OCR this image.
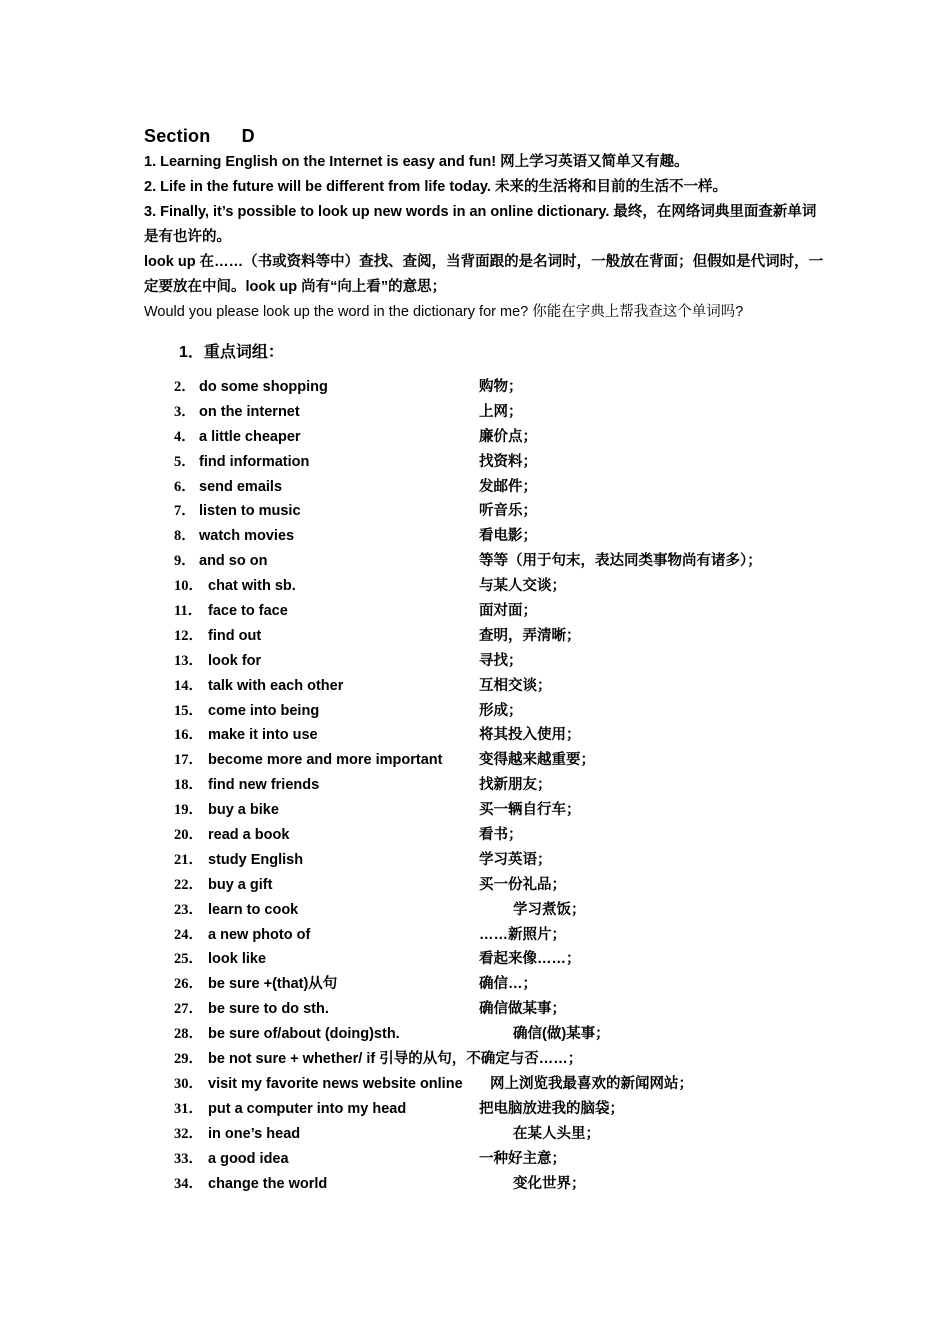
Section      D

1. Learning English on the Internet is easy and fun! 网上学习英语又简单又有趣。

2. Life in the future will be different from life today. 未来的生活将和目前的生活不一样。

3. Finally, it’s possible to look up new words in an online dictionary. 最终，在网络词典里面查新单词是有也许的。

look up 在……（书或资料等中）查找、查阅，当背面跟的是名词时，一般放在背面；但假如是代词时，一定要放在中间。look up 尚有“向上看”的意思；

Would you please look up the word in the dictionary for me? 你能在字典上帮我查这个单词吗?

1．重点词组：
2． do some shopping	购物；
3． on the internet	上网；
4． a little cheaper	廉价点；
5． find information	找资料；
6． send emails	发邮件；
7． listen to music	听音乐；
8． watch movies	看电影；
9． and so on	等等（用于句末，表达同类事物尚有诸多）；
10． chat with sb.	与某人交谈；
11． face to face	面对面；
12． find out	查明，弄清晰；
13． look for	寻找；
14． talk with each other	互相交谈；
15． come into being	形成；
16． make it into use	将其投入使用；
17． become more and more important	变得越来越重要；
18． find new friends	找新朋友；
19． buy a bike	买一辆自行车；
20． read a book	看书；
21． study English	学习英语；
22． buy a gift	买一份礼品；
23． learn to cook	学习煮饭；
24． a new photo of	……新照片；
25． look like	看起来像……；
26． be sure +(that)从句	确信…；
27． be sure to do sth.	确信做某事；
28． be sure of/about (doing)sth.	确信(做)某事；
29． be not sure + whether/ if 引导的从句，不确定与否……；
30． visit my favorite news website online 网上浏览我最喜欢的新闻网站；
31． put a computer into my head	把电脑放进我的脑袋；
32． in one’s head	在某人头里；
33． a good idea	一种好主意；
34． change the world	变化世界；
